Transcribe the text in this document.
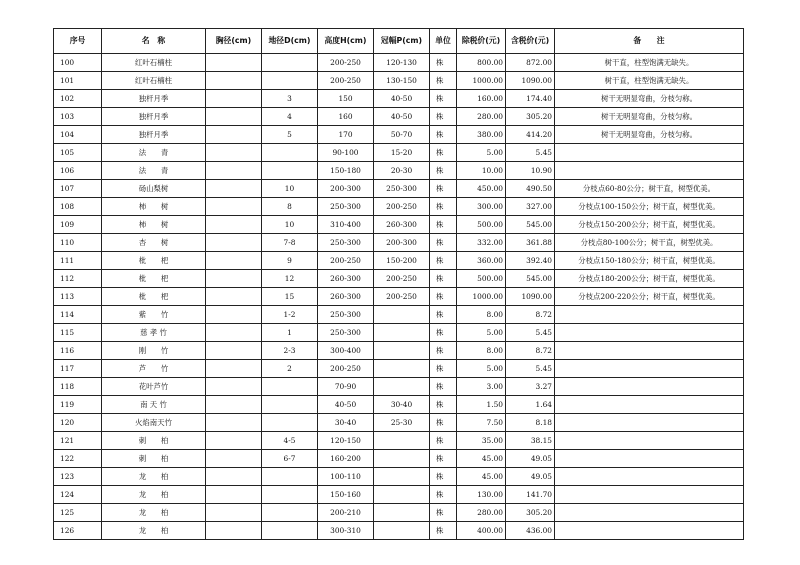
序号	名　称	胸径(cm)	地径D(cm)	高度H(cm)	冠幅P(cm)	单位	除税价(元)	含税价(元)	备　　注
100	红叶石楠柱			200-250	120-130	株	800.00	872.00	树干直，柱型饱满无缺失。
101	红叶石楠柱			200-250	130-150	株	1000.00	1090.00	树干直，柱型饱满无缺失。
102	独杆月季		3	150	40-50	株	160.00	174.40	树干无明显弯曲，分枝匀称。
103	独杆月季		4	160	40-50	株	280.00	305.20	树干无明显弯曲，分枝匀称。
104	独杆月季		5	170	50-70	株	380.00	414.20	树干无明显弯曲，分枝匀称。
105	法　　青			90-100	15-20	株	5.00	5.45	
106	法　　青			150-180	20-30	株	10.00	10.90	
107	砀山梨树		10	200-300	250-300	株	450.00	490.50	分枝点60-80公分；树干直，树型优美。
108	柿　　树		8	250-300	200-250	株	300.00	327.00	分枝点100-150公分；树干直，树型优美。
109	柿　　树		10	310-400	260-300	株	500.00	545.00	分枝点150-200公分；树干直，树型优美。
110	杏　　树		7-8	250-300	200-300	株	332.00	361.88	分枝点80-100公分；树干直，树型优美。
111	枇　　杷		9	200-250	150-200	株	360.00	392.40	分枝点150-180公分；树干直，树型优美。
112	枇　　杷		12	260-300	200-250	株	500.00	545.00	分枝点180-200公分；树干直，树型优美。
113	枇　　杷		15	260-300	200-250	株	1000.00	1090.00	分枝点200-220公分；树干直，树型优美。
114	紫　　竹		1-2	250-300		株	8.00	8.72	
115	慈 孝 竹		1	250-300		株	5.00	5.45	
116	刚　　竹		2-3	300-400		株	8.00	8.72	
117	芦　　竹		2	200-250		株	5.00	5.45	
118	花叶芦竹			70-90		株	3.00	3.27	
119	南 天 竹			40-50	30-40	株	1.50	1.64	
120	火焰南天竹			30-40	25-30	株	7.50	8.18	
121	刺　　柏		4-5	120-150		株	35.00	38.15	
122	刺　　柏		6-7	160-200		株	45.00	49.05	
123	龙　　柏			100-110		株	45.00	49.05	
124	龙　　柏			150-160		株	130.00	141.70	
125	龙　　柏			200-210		株	280.00	305.20	
126	龙　　柏			300-310		株	400.00	436.00	
